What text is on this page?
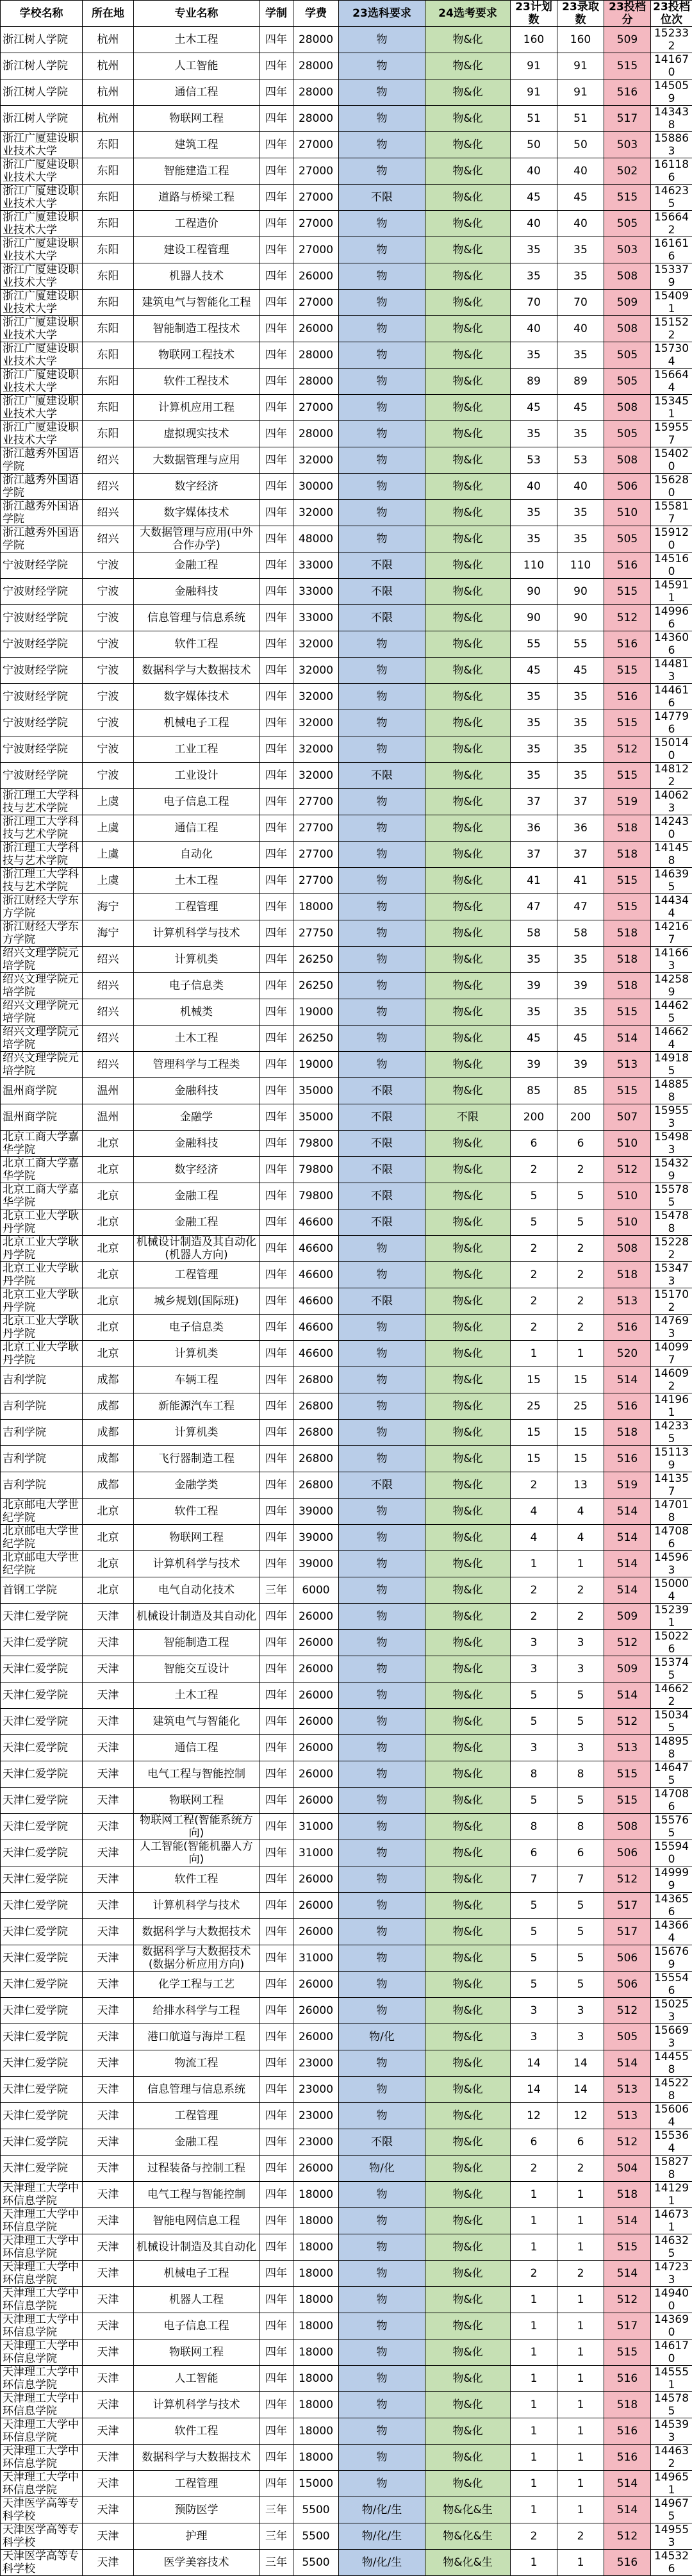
学校名称	所在地	专业名称	学制	学费	23选科要求	24选考要求	23计划数	23录取数	23投档分	23投档位次
浙江树人学院	杭州	土木工程	四年	28000	物	物&化	160	160	509	152332
浙江树人学院	杭州	人工智能	四年	28000	物	物&化	91	91	515	141670
浙江树人学院	杭州	通信工程	四年	28000	物	物&化	91	91	516	145059
浙江树人学院	杭州	物联网工程	四年	28000	物	物&化	51	51	517	143438
浙江广厦建设职业技术大学	东阳	建筑工程	四年	27000	物	物&化	50	50	503	158863
浙江广厦建设职业技术大学	东阳	智能建造工程	四年	27000	物	物&化	40	40	502	161186
浙江广厦建设职业技术大学	东阳	道路与桥梁工程	四年	27000	不限	物&化	45	45	515	146235
浙江广厦建设职业技术大学	东阳	工程造价	四年	27000	物	物&化	40	40	505	156642
浙江广厦建设职业技术大学	东阳	建设工程管理	四年	27000	物	物&化	35	35	503	161616
浙江广厦建设职业技术大学	东阳	机器人技术	四年	26000	物	物&化	35	35	508	153379
浙江广厦建设职业技术大学	东阳	建筑电气与智能化工程	四年	27000	物	物&化	70	70	509	154091
浙江广厦建设职业技术大学	东阳	智能制造工程技术	四年	26000	物	物&化	40	40	508	151522
浙江广厦建设职业技术大学	东阳	物联网工程技术	四年	28000	物	物&化	35	35	505	157304
浙江广厦建设职业技术大学	东阳	软件工程技术	四年	28000	物	物&化	89	89	505	156644
浙江广厦建设职业技术大学	东阳	计算机应用工程	四年	27000	物	物&化	45	45	508	153451
浙江广厦建设职业技术大学	东阳	虚拟现实技术	四年	28000	物	物&化	35	35	505	159557
浙江越秀外国语学院	绍兴	大数据管理与应用	四年	32000	物	物&化	53	53	508	154020
浙江越秀外国语学院	绍兴	数字经济	四年	30000	物	物&化	40	40	506	156280
浙江越秀外国语学院	绍兴	数字媒体技术	四年	32000	物	物&化	35	35	510	155817
浙江越秀外国语学院	绍兴	大数据管理与应用(中外合作办学)	四年	48000	物	物&化	35	35	505	159120
宁波财经学院	宁波	金融工程	四年	33000	不限	物&化	110	110	516	145160
宁波财经学院	宁波	金融科技	四年	33000	不限	物&化	90	90	515	145911
宁波财经学院	宁波	信息管理与信息系统	四年	33000	不限	物&化	90	90	512	149966
宁波财经学院	宁波	软件工程	四年	32000	物	物&化	55	55	516	143606
宁波财经学院	宁波	数据科学与大数据技术	四年	32000	物	物&化	45	45	515	144813
宁波财经学院	宁波	数字媒体技术	四年	32000	物	物&化	35	35	516	144616
宁波财经学院	宁波	机械电子工程	四年	32000	物	物&化	35	35	515	147796
宁波财经学院	宁波	工业工程	四年	32000	物	物&化	35	35	512	150140
宁波财经学院	宁波	工业设计	四年	32000	不限	物&化	35	35	515	148122
浙江理工大学科技与艺术学院	上虞	电子信息工程	四年	27700	物	物&化	37	37	519	140623
浙江理工大学科技与艺术学院	上虞	通信工程	四年	27700	物	物&化	36	36	518	142430
浙江理工大学科技与艺术学院	上虞	自动化	四年	27700	物	物&化	37	37	518	141458
浙江理工大学科技与艺术学院	上虞	土木工程	四年	27700	物	物&化	41	41	515	146395
浙江财经大学东方学院	海宁	工程管理	四年	18000	物	物&化	47	47	515	144344
浙江财经大学东方学院	海宁	计算机科学与技术	四年	27750	物	物&化	58	58	518	142167
绍兴文理学院元培学院	绍兴	计算机类	四年	26250	物	物&化	35	35	518	141663
绍兴文理学院元培学院	绍兴	电子信息类	四年	26250	物	物&化	39	39	518	142589
绍兴文理学院元培学院	绍兴	机械类	四年	19000	物	物&化	35	35	515	144625
绍兴文理学院元培学院	绍兴	土木工程	四年	26250	物	物&化	45	45	514	146624
绍兴文理学院元培学院	绍兴	管理科学与工程类	四年	19000	物	物&化	39	39	513	149185
温州商学院	温州	金融科技	四年	35000	不限	物&化	85	85	515	148858
温州商学院	温州	金融学	四年	35000	不限	不限	200	200	507	159553
北京工商大学嘉华学院	北京	金融科技	四年	79800	不限	物&化	6	6	510	154983
北京工商大学嘉华学院	北京	数字经济	四年	79800	不限	物&化	2	2	512	154329
北京工商大学嘉华学院	北京	金融工程	四年	79800	不限	物&化	5	5	510	155785
北京工业大学耿丹学院	北京	金融工程	四年	46600	不限	物&化	5	5	510	154788
北京工业大学耿丹学院	北京	机械设计制造及其自动化(机器人方向)	四年	46600	物	物&化	2	2	508	152282
北京工业大学耿丹学院	北京	工程管理	四年	46600	物	物&化	2	2	518	153473
北京工业大学耿丹学院	北京	城乡规划(国际班)	四年	46600	不限	物&化	2	2	513	151702
北京工业大学耿丹学院	北京	电子信息类	四年	46600	物	物&化	2	2	516	147693
北京工业大学耿丹学院	北京	计算机类	四年	46600	物	物&化	1	1	520	140997
吉利学院	成都	车辆工程	四年	26800	物	物&化	15	15	514	146092
吉利学院	成都	新能源汽车工程	四年	26800	物	物&化	25	25	516	141961
吉利学院	成都	计算机类	四年	26800	物	物&化	15	15	518	142335
吉利学院	成都	飞行器制造工程	四年	26800	物	物&化	15	15	516	151139
吉利学院	成都	金融学类	四年	26800	不限	物&化	2	13	519	141357
北京邮电大学世纪学院	北京	软件工程	四年	39000	物	物&化	4	4	514	147018
北京邮电大学世纪学院	北京	物联网工程	四年	39000	物	物&化	4	4	514	147086
北京邮电大学世纪学院	北京	计算机科学与技术	四年	39000	物	物&化	1	1	514	145963
首钢工学院	北京	电气自动化技术	三年	6000	物	物&化	2	2	514	150004
天津仁爱学院	天津	机械设计制造及其自动化	四年	26000	物	物&化	2	2	509	152391
天津仁爱学院	天津	智能制造工程	四年	26000	物	物&化	3	3	512	150226
天津仁爱学院	天津	智能交互设计	四年	26000	物	物&化	3	3	509	153745
天津仁爱学院	天津	土木工程	四年	26000	物	物&化	5	5	514	146622
天津仁爱学院	天津	建筑电气与智能化	四年	26000	物	物&化	5	5	512	150345
天津仁爱学院	天津	通信工程	四年	26000	物	物&化	3	3	513	148958
天津仁爱学院	天津	电气工程与智能控制	四年	26000	物	物&化	8	8	515	146475
天津仁爱学院	天津	物联网工程	四年	26000	物	物&化	5	5	515	147086
天津仁爱学院	天津	物联网工程(智能系统方向)	四年	31000	物	物&化	8	8	508	155765
天津仁爱学院	天津	人工智能(智能机器人方向)	四年	31000	物	物&化	6	6	506	155940
天津仁爱学院	天津	软件工程	四年	26000	物	物&化	7	7	512	149999
天津仁爱学院	天津	计算机科学与技术	四年	26000	物	物&化	5	5	517	143656
天津仁爱学院	天津	数据科学与大数据技术	四年	26000	物	物&化	5	5	517	143664
天津仁爱学院	天津	数据科学与大数据技术(数据分析应用方向)	四年	31000	物	物&化	5	5	506	156769
天津仁爱学院	天津	化学工程与工艺	四年	26000	物	物&化	5	5	506	155546
天津仁爱学院	天津	给排水科学与工程	四年	26000	物	物&化	3	3	512	150253
天津仁爱学院	天津	港口航道与海岸工程	四年	26000	物/化	物&化	3	3	505	156693
天津仁爱学院	天津	物流工程	四年	23000	物	物&化	14	14	514	144558
天津仁爱学院	天津	信息管理与信息系统	四年	23000	物	物&化	14	14	513	145228
天津仁爱学院	天津	工程管理	四年	23000	物	物&化	12	12	513	156064
天津仁爱学院	天津	金融工程	四年	23000	不限	物&化	6	6	512	155364
天津仁爱学院	天津	过程装备与控制工程	四年	26000	物/化	物&化	2	2	504	158278
天津理工大学中环信息学院	天津	电气工程与智能控制	四年	18000	物	物&化	1	1	518	141291
天津理工大学中环信息学院	天津	智能电网信息工程	四年	18000	物	物&化	1	1	514	146731
天津理工大学中环信息学院	天津	机械设计制造及其自动化	四年	18000	物	物&化	1	1	515	146325
天津理工大学中环信息学院	天津	机械电子工程	四年	18000	物	物&化	2	2	514	147233
天津理工大学中环信息学院	天津	机器人工程	四年	18000	物	物&化	1	1	512	149400
天津理工大学中环信息学院	天津	电子信息工程	四年	18000	物	物&化	1	1	517	143690
天津理工大学中环信息学院	天津	物联网工程	四年	18000	物	物&化	1	1	515	146170
天津理工大学中环信息学院	天津	人工智能	四年	18000	物	物&化	1	1	516	145551
天津理工大学中环信息学院	天津	计算机科学与技术	四年	18000	物	物&化	1	1	518	145785
天津理工大学中环信息学院	天津	软件工程	四年	18000	物	物&化	1	1	516	145393
天津理工大学中环信息学院	天津	数据科学与大数据技术	四年	18000	物	物&化	1	1	516	144632
天津理工大学中环信息学院	天津	工程管理	四年	15000	物	物&化	1	1	514	149651
天津医学高等专科学校	天津	预防医学	三年	5500	物/化/生	物&化&生	1	1	514	149675
天津医学高等专科学校	天津	护理	三年	5500	物/化/生	物&化&生	2	2	512	149553
天津医学高等专科学校	天津	医学美容技术	三年	5500	物/化/生	物&化&生	1	1	516	145326
